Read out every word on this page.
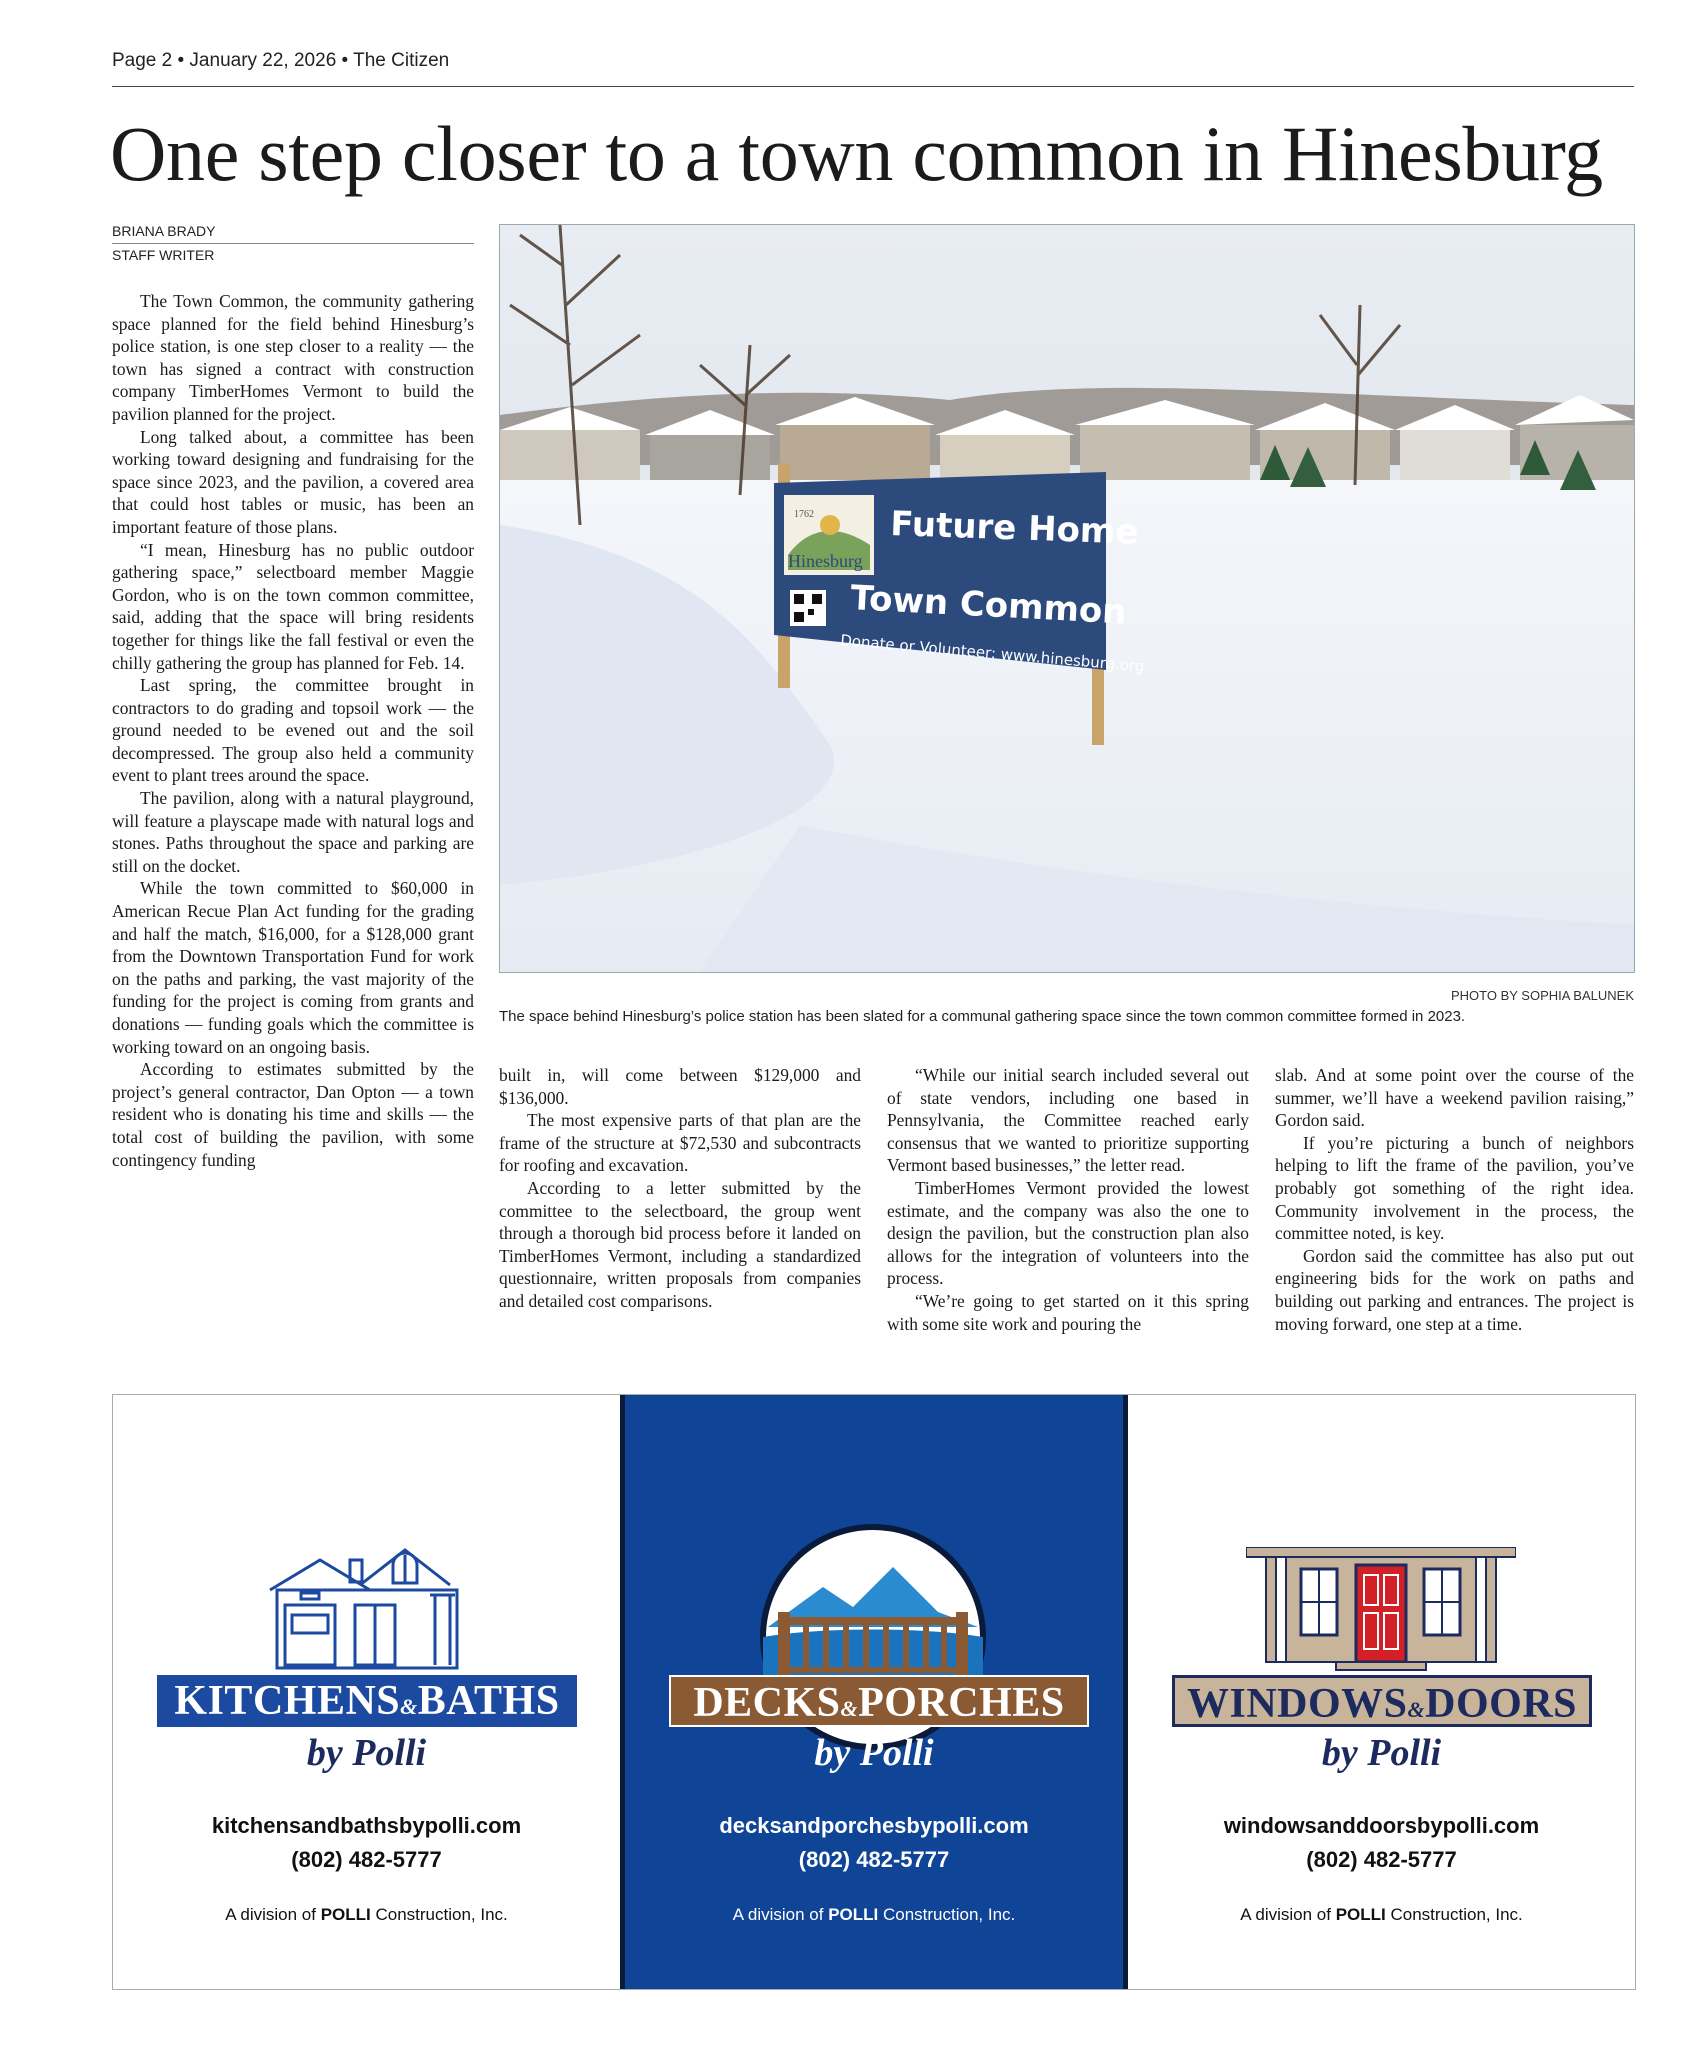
Page 2 • January 22, 2026 • The Citizen
One step closer to a town common in Hinesburg
BRIANA BRADY
STAFF WRITER

The Town Common, the community gathering space planned for the field behind Hinesburg’s police station, is one step closer to a reality — the town has signed a contract with construction company TimberHomes Vermont to build the pavilion planned for the project.

Long talked about, a committee has been working toward designing and fundraising for the space since 2023, and the pavilion, a covered area that could host tables or music, has been an important feature of those plans.

“I mean, Hinesburg has no public outdoor gathering space,” selectboard member Maggie Gordon, who is on the town common committee, said, adding that the space will bring residents together for things like the fall festival or even the chilly gathering the group has planned for Feb. 14.

Last spring, the committee brought in contractors to do grading and topsoil work — the ground needed to be evened out and the soil decompressed. The group also held a community event to plant trees around the space.

The pavilion, along with a natural playground, will feature a playscape made with natural logs and stones. Paths throughout the space and parking are still on the docket.

While the town committed to $60,000 in American Recue Plan Act funding for the grading and half the match, $16,000, for a $128,000 grant from the Downtown Transportation Fund for work on the paths and parking, the vast majority of the funding for the project is coming from grants and donations — funding goals which the committee is working toward on an ongoing basis.

According to estimates submitted by the project’s general contractor, Dan Opton — a town resident who is donating his time and skills — the total cost of building the pavilion, with some contingency funding

1762
Hinesburg
Future Home
Town Common
Donate or Volunteer: www.hinesburg.org
PHOTO BY SOPHIA BALUNEK
The space behind Hinesburg’s police station has been slated for a communal gathering space since the town common committee formed in 2023.

built in, will come between $129,000 and $136,000.

The most expensive parts of that plan are the frame of the structure at $72,530 and subcontracts for roofing and excavation.

According to a letter submitted by the committee to the selectboard, the group went through a thorough bid process before it landed on TimberHomes Vermont, including a standardized questionnaire, written proposals from companies and detailed cost comparisons.

“While our initial search included several out of state vendors, including one based in Pennsylvania, the Committee reached early consensus that we wanted to prioritize supporting Vermont based businesses,” the letter read.

TimberHomes Vermont provided the lowest estimate, and the company was also the one to design the pavilion, but the construction plan also allows for the integration of volunteers into the process.

“We’re going to get started on it this spring with some site work and pouring the

slab. And at some point over the course of the summer, we’ll have a weekend pavilion raising,” Gordon said.

If you’re picturing a bunch of neighbors helping to lift the frame of the pavilion, you’ve probably got something of the right idea. Community involvement in the process, the committee noted, is key.

Gordon said the committee has also put out engineering bids for the work on paths and building out parking and entrances. The project is moving forward, one step at a time.

KITCHENS&BATHS
by Polli
kitchensandbathsbypolli.com
(802) 482-5777
A division of POLLI Construction, Inc.
DECKS&PORCHES
by Polli
decksandporchesbypolli.com
(802) 482-5777
A division of POLLI Construction, Inc.
WINDOWS&DOORS
by Polli
windowsanddoorsbypolli.com
(802) 482-5777
A division of POLLI Construction, Inc.
